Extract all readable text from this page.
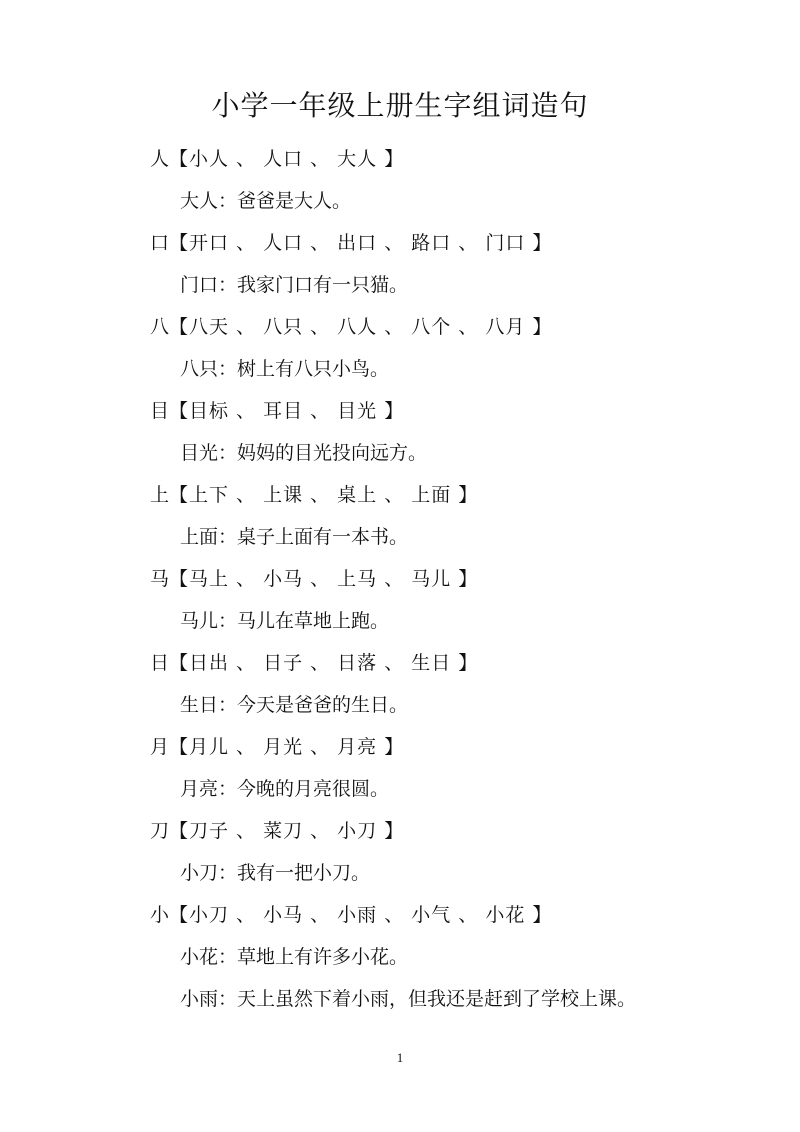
小学一年级上册生字组词造句
人【小人 、 人口 、 大人 】
大人：爸爸是大人。
口【开口 、 人口 、 出口 、 路口 、 门口 】
门口：我家门口有一只猫。
八【八天 、 八只 、 八人 、 八个 、 八月 】
八只：树上有八只小鸟。
目【目标 、 耳目 、 目光 】
目光：妈妈的目光投向远方。
上【上下 、 上课 、 桌上 、 上面 】
上面：桌子上面有一本书。
马【马上 、 小马 、 上马 、 马儿 】
马儿：马儿在草地上跑。
日【日出 、 日子 、 日落 、 生日 】
生日：今天是爸爸的生日。
月【月儿 、 月光 、 月亮 】
月亮：今晚的月亮很圆。
刀【刀子 、 菜刀 、 小刀 】
小刀：我有一把小刀。
小【小刀 、 小马 、 小雨 、 小气 、 小花 】
小花：草地上有许多小花。
小雨：天上虽然下着小雨，但我还是赶到了学校上课。
1
